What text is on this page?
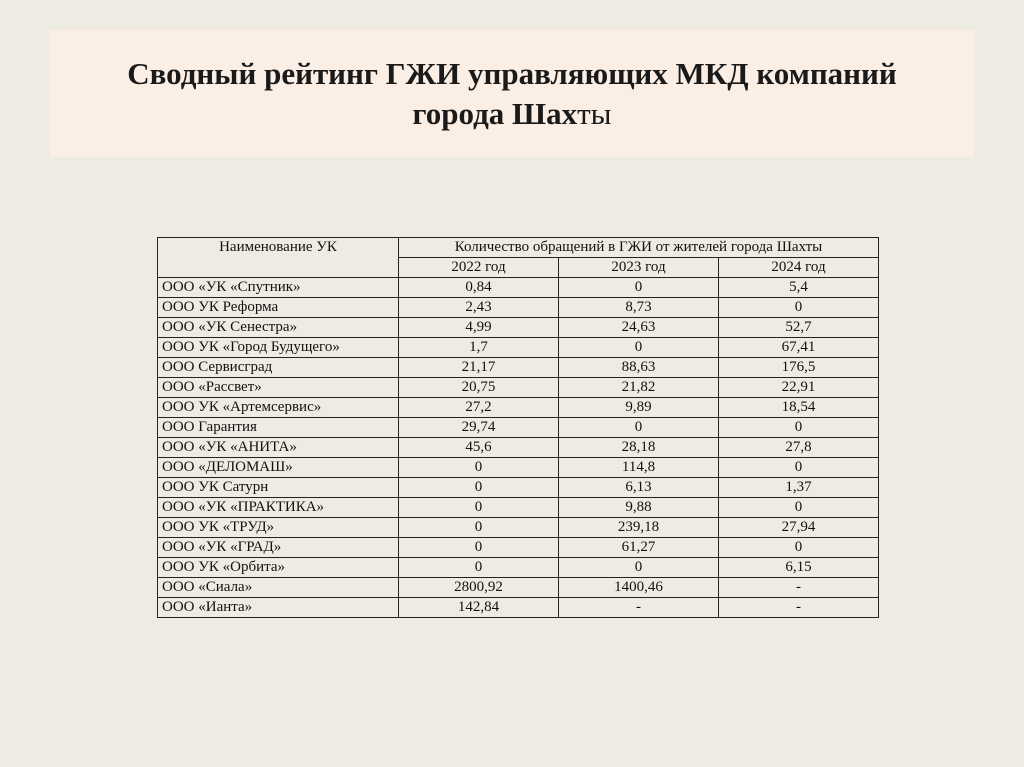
Сводный рейтинг ГЖИ управляющих МКД компаний
города Шахты
Наименование УК	Количество обращений в ГЖИ от жителей города Шахты		
	2022 год	2023 год	2024 год
ООО «УК «Спутник»	0,84	0	5,4
ООО УК Реформа	2,43	8,73	0
ООО «УК Сенестра»	4,99	24,63	52,7
ООО УК «Город Будущего»	1,7	0	67,41
ООО Сервисград	21,17	88,63	176,5
ООО «Рассвет»	20,75	21,82	22,91
ООО УК «Артемсервис»	27,2	9,89	18,54
ООО Гарантия	29,74	0	0
ООО «УК «АНИТА»	45,6	28,18	27,8
ООО «ДЕЛОМАШ»	0	114,8	0
ООО УК Сатурн	0	6,13	1,37
ООО «УК «ПРАКТИКА»	0	9,88	0
ООО УК «ТРУД»	0	239,18	27,94
ООО «УК «ГРАД»	0	61,27	0
ООО УК «Орбита»	0	0	6,15
ООО «Сиала»	2800,92	1400,46	-
ООО «Ианта»	142,84	-	-
